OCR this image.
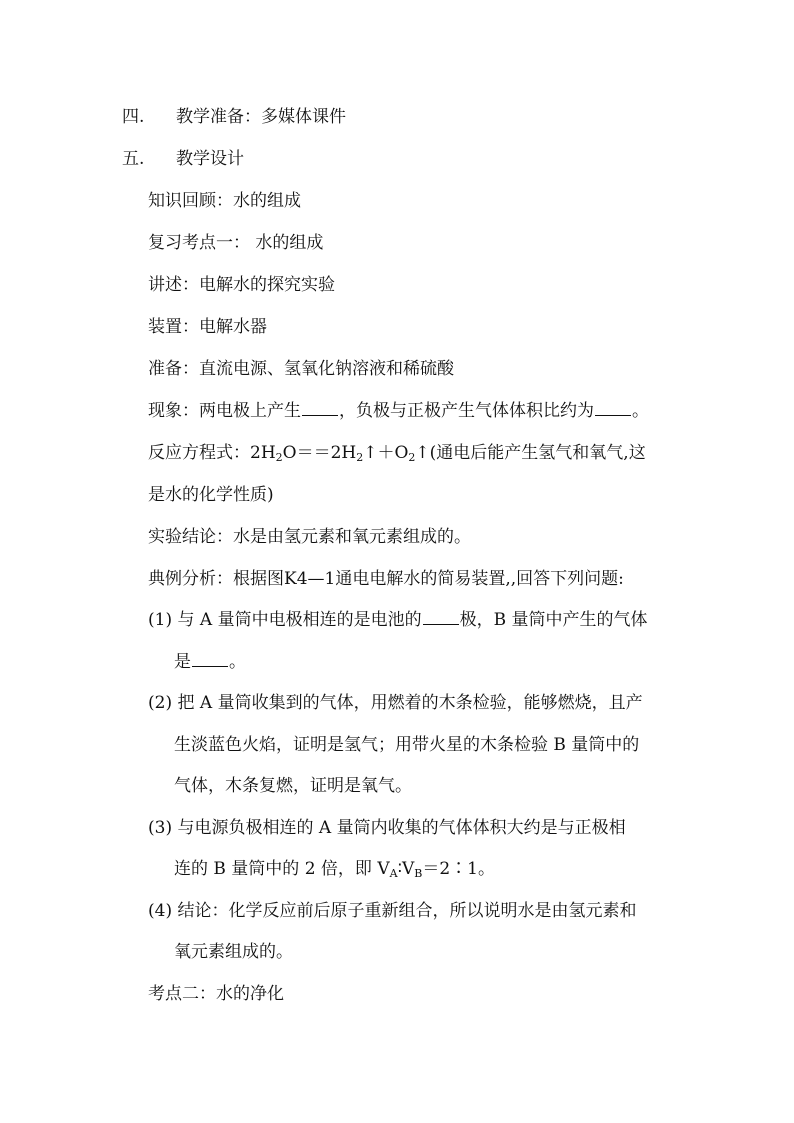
四. 教学准备：多媒体课件
五. 教学设计
知识回顾：水的组成
复习考点一： 水的组成
讲述：电解水的探究实验
装置：电解水器
准备：直流电源、氢氧化钠溶液和稀硫酸
现象：两电极上产生 ，负极与正极产生气体体积比约为 。
反应方程式：$2H_2O==2H_2↑+O_2↑$(通电后能产生氢气和氧气,这
是水的化学性质)
实验结论：水是由氢元素和氧元素组成的。
典例分析：根据图K4—1通电电解水的简易装置,,回答下列问题:
(1) 与 A 量筒中电极相连的是电池的 极，B 量筒中产生的气体
是 。
(2) 把 A 量筒收集到的气体，用燃着的木条检验，能够燃烧，且产
生淡蓝色火焰，证明是氢气；用带火星的木条检验 B 量筒中的
气体，木条复燃，证明是氧气。
(3) 与电源负极相连的 A 量筒内收集的气体体积大约是与正极相
连的 B 量筒中的 2 倍，即 $V_A∶V_B=2∶1$。
(4) 结论：化学反应前后原子重新组合，所以说明水是由氢元素和
氧元素组成的。
考点二：水的净化
